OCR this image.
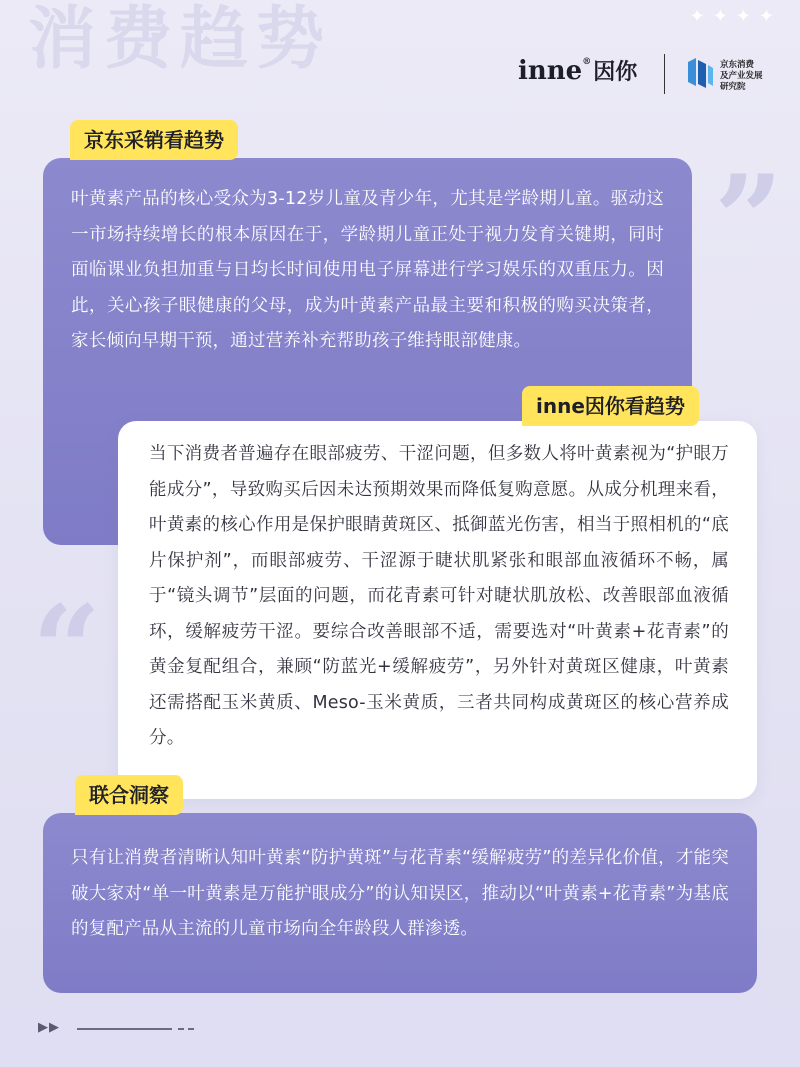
消费趋势	✦✦✦✦
inne®因你	京东消费
及产业发展
研究院
”
“
叶黄素产品的核心受众为3-12岁儿童及青少年，尤其是学龄期儿童。驱动这一市场持续增长的根本原因在于，学龄期儿童正处于视力发育关键期，同时面临课业负担加重与日均长时间使用电子屏幕进行学习娱乐的双重压力。因此，关心孩子眼健康的父母，成为叶黄素产品最主要和积极的购买决策者，家长倾向早期干预，通过营养补充帮助孩子维持眼部健康。
京东采销看趋势
当下消费者普遍存在眼部疲劳、干涩问题，但多数人将叶黄素视为“护眼万能成分”，导致购买后因未达预期效果而降低复购意愿。从成分机理来看，叶黄素的核心作用是保护眼睛黄斑区、抵御蓝光伤害，相当于照相机的“底片保护剂”，而眼部疲劳、干涩源于睫状肌紧张和眼部血液循环不畅，属于“镜头调节”层面的问题，而花青素可针对睫状肌放松、改善眼部血液循环，缓解疲劳干涩。要综合改善眼部不适，需要选对“叶黄素+花青素”的黄金复配组合，兼顾“防蓝光+缓解疲劳”，另外针对黄斑区健康，叶黄素还需搭配玉米黄质、Meso-玉米黄质，三者共同构成黄斑区的核心营养成分。
inne因你看趋势
只有让消费者清晰认知叶黄素“防护黄斑”与花青素“缓解疲劳”的差异化价值，才能突破大家对“单一叶黄素是万能护眼成分”的认知误区，推动以“叶黄素+花青素”为基底的复配产品从主流的儿童市场向全年龄段人群渗透。
联合洞察
▶▶
